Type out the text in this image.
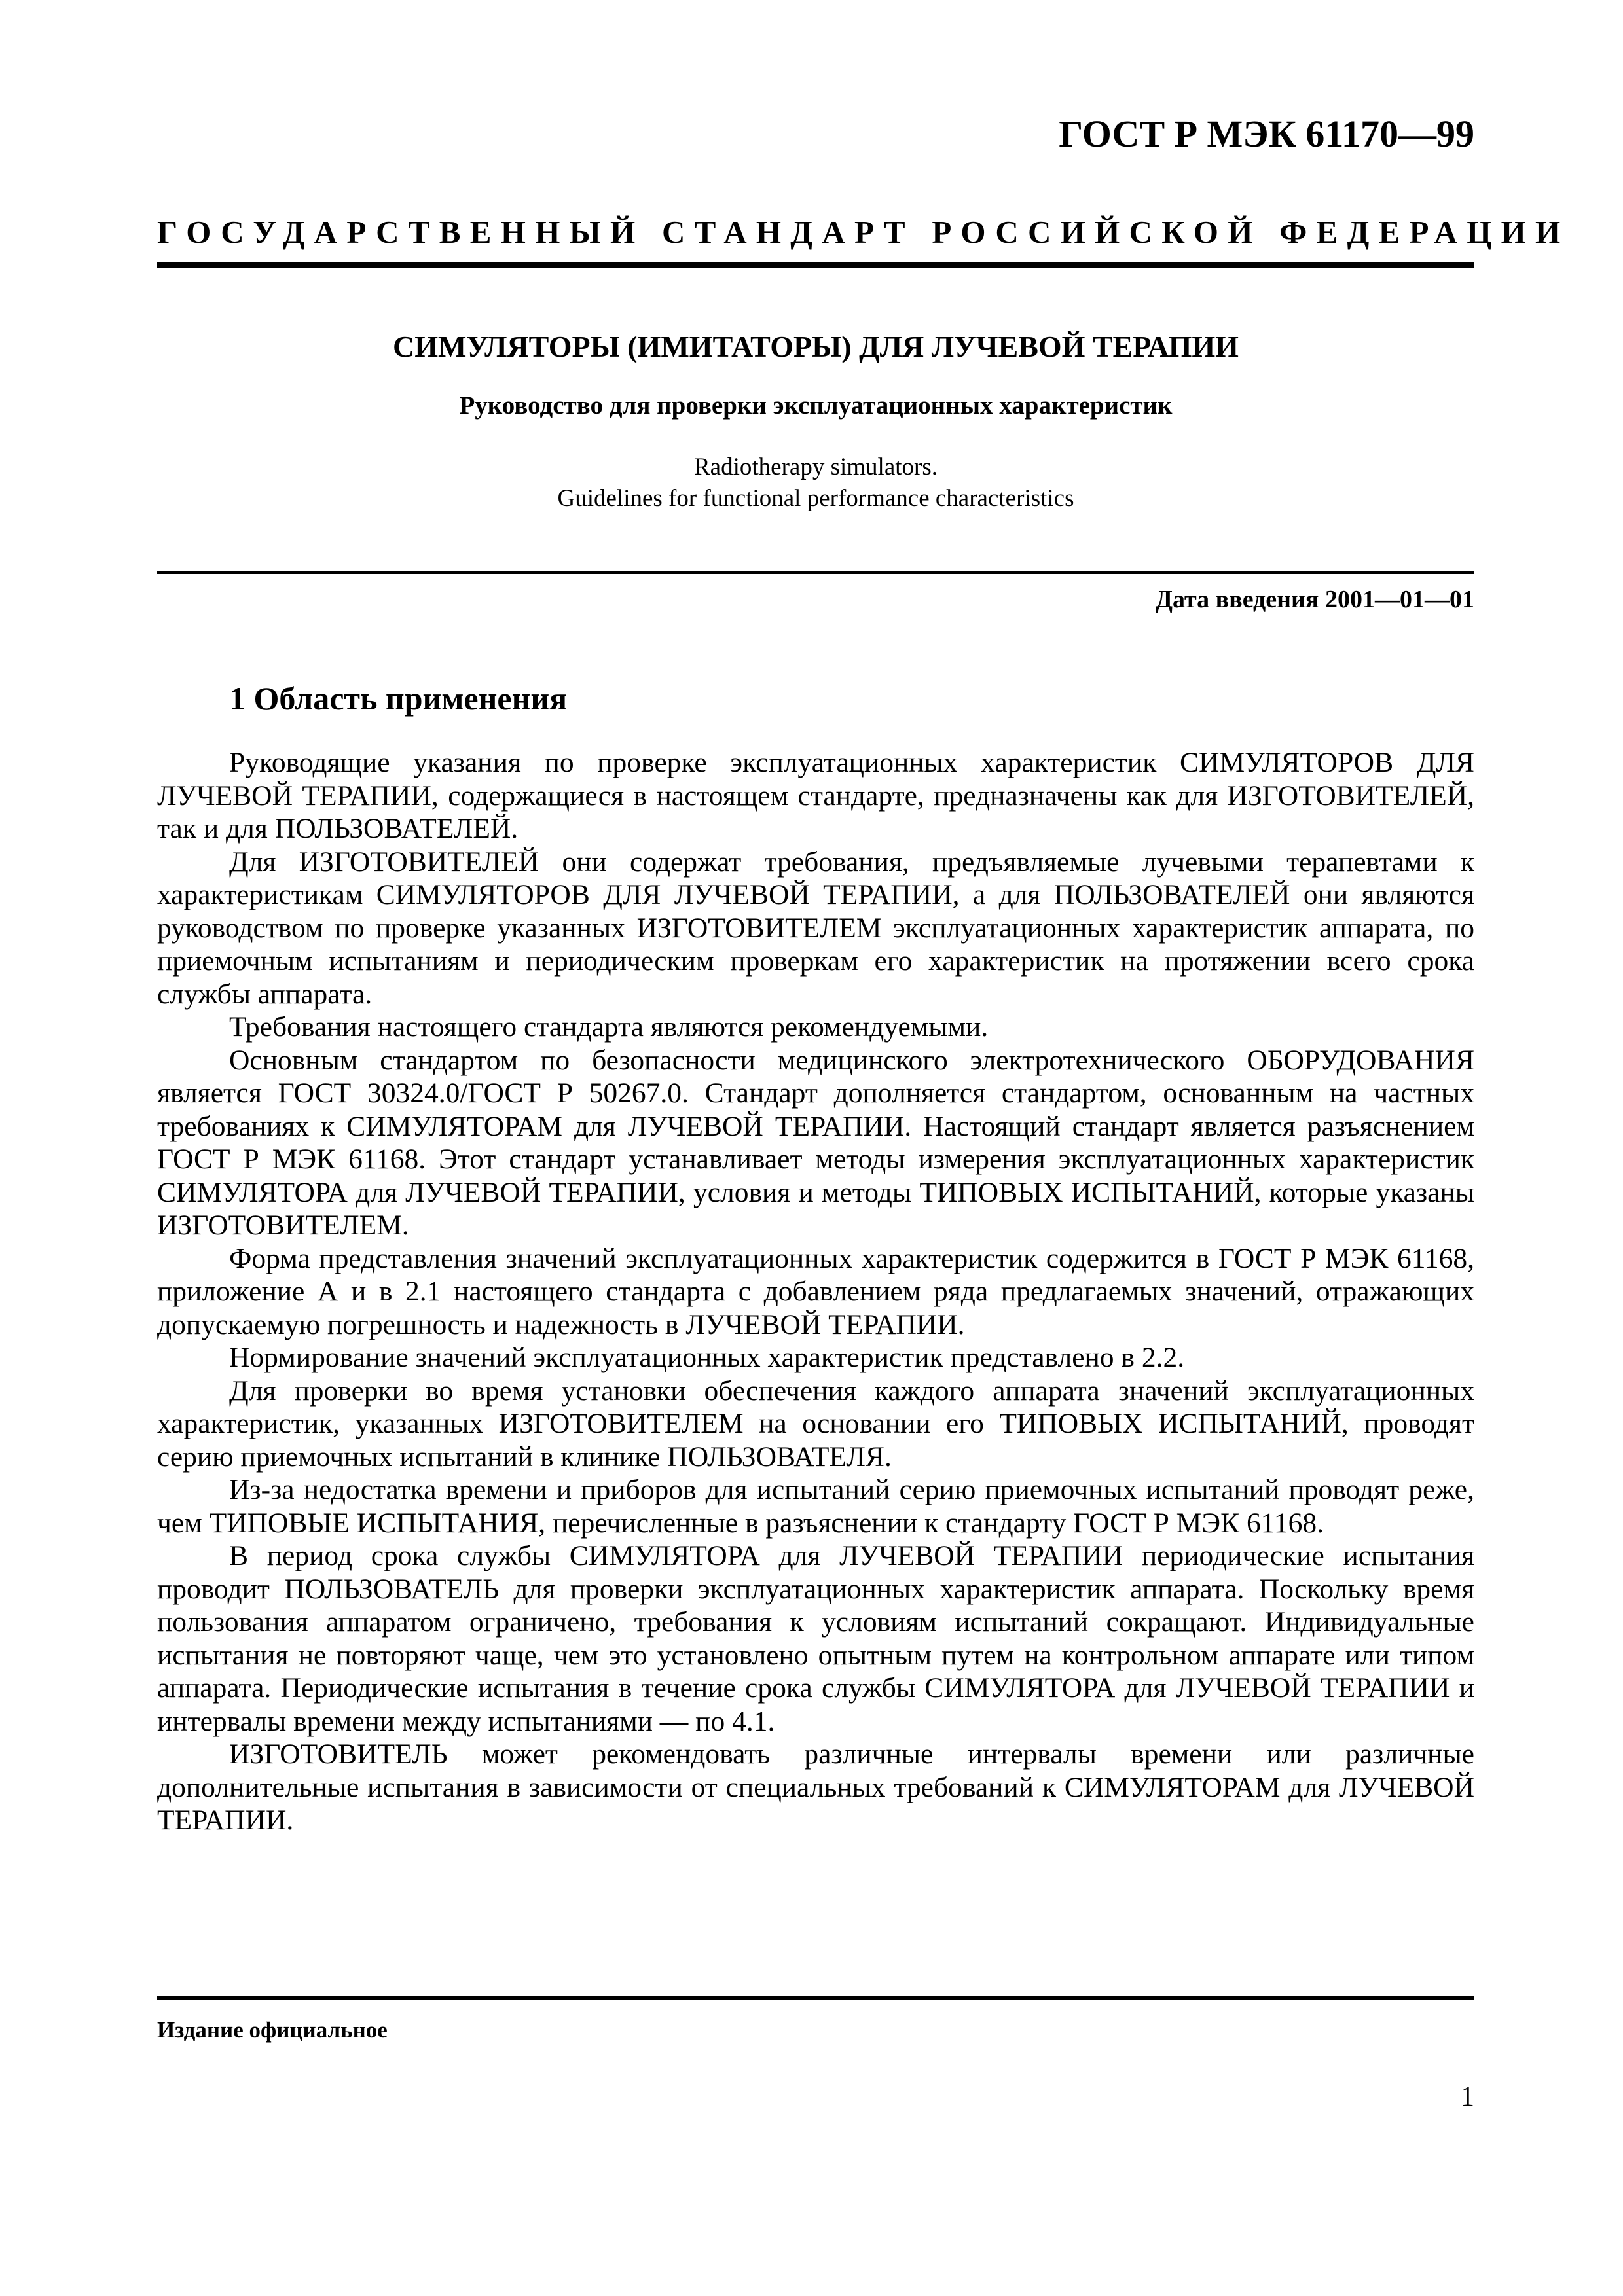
ГОСТ Р МЭК 61170—99
ГОСУДАРСТВЕННЫЙ СТАНДАРТ РОССИЙСКОЙ ФЕДЕРАЦИИ
СИМУЛЯТОРЫ (ИМИТАТОРЫ) ДЛЯ ЛУЧЕВОЙ ТЕРАПИИ
Руководство для проверки эксплуатационных характеристик
Radiotherapy simulators.
Guidelines for functional performance characteristics
Дата введения 2001—01—01
1 Область применения

Руководящие указания по проверке эксплуатационных характеристик СИМУЛЯТОРОВ ДЛЯ ЛУЧЕВОЙ ТЕРАПИИ, содержащиеся в настоящем стандарте, предназначены как для ИЗГОТОВИТЕЛЕЙ, так и для ПОЛЬЗОВАТЕЛЕЙ.

Для ИЗГОТОВИТЕЛЕЙ они содержат требования, предъявляемые лучевыми терапевтами к характеристикам СИМУЛЯТОРОВ ДЛЯ ЛУЧЕВОЙ ТЕРАПИИ, а для ПОЛЬЗОВАТЕЛЕЙ они являются руководством по проверке указанных ИЗГОТОВИТЕЛЕМ эксплуатационных характеристик аппарата, по приемочным испытаниям и периодическим проверкам его характеристик на протяжении всего срока службы аппарата.

Требования настоящего стандарта являются рекомендуемыми.

Основным стандартом по безопасности медицинского электротехнического ОБОРУДОВАНИЯ является ГОСТ 30324.0/ГОСТ Р 50267.0. Стандарт дополняется стандартом, основанным на частных требованиях к СИМУЛЯТОРАМ для ЛУЧЕВОЙ ТЕРАПИИ. Настоящий стандарт является разъяснением ГОСТ Р МЭК 61168. Этот стандарт устанавливает методы измерения эксплуатационных характеристик СИМУЛЯТОРА для ЛУЧЕВОЙ ТЕРАПИИ, условия и методы ТИПОВЫХ ИСПЫТАНИЙ, которые указаны ИЗГОТОВИТЕЛЕМ.

Форма представления значений эксплуатационных характеристик содержится в ГОСТ Р МЭК 61168, приложение А и в 2.1 настоящего стандарта с добавлением ряда предлагаемых значений, отражающих допускаемую погрешность и надежность в ЛУЧЕВОЙ ТЕРАПИИ.

Нормирование значений эксплуатационных характеристик представлено в 2.2.

Для проверки во время установки обеспечения каждого аппарата значений эксплуатационных характеристик, указанных ИЗГОТОВИТЕЛЕМ на основании его ТИПОВЫХ ИСПЫТАНИЙ, проводят серию приемочных испытаний в клинике ПОЛЬЗОВАТЕЛЯ.

Из-за недостатка времени и приборов для испытаний серию приемочных испытаний проводят реже, чем ТИПОВЫЕ ИСПЫТАНИЯ, перечисленные в разъяснении к стандарту ГОСТ Р МЭК 61168.

В период срока службы СИМУЛЯТОРА для ЛУЧЕВОЙ ТЕРАПИИ периодические испытания проводит ПОЛЬЗОВАТЕЛЬ для проверки эксплуатационных характеристик аппарата. Поскольку время пользования аппаратом ограничено, требования к условиям испытаний сокращают. Индивидуальные испытания не повторяют чаще, чем это установлено опытным путем на контрольном аппарате или типом аппарата. Периодические испытания в течение срока службы СИМУЛЯТОРА для ЛУЧЕВОЙ ТЕРАПИИ и интервалы времени между испытаниями — по 4.1.

ИЗГОТОВИТЕЛЬ может рекомендовать различные интервалы времени или различные дополнительные испытания в зависимости от специальных требований к СИМУЛЯТОРАМ для ЛУЧЕВОЙ ТЕРАПИИ.

Издание официальное
1
